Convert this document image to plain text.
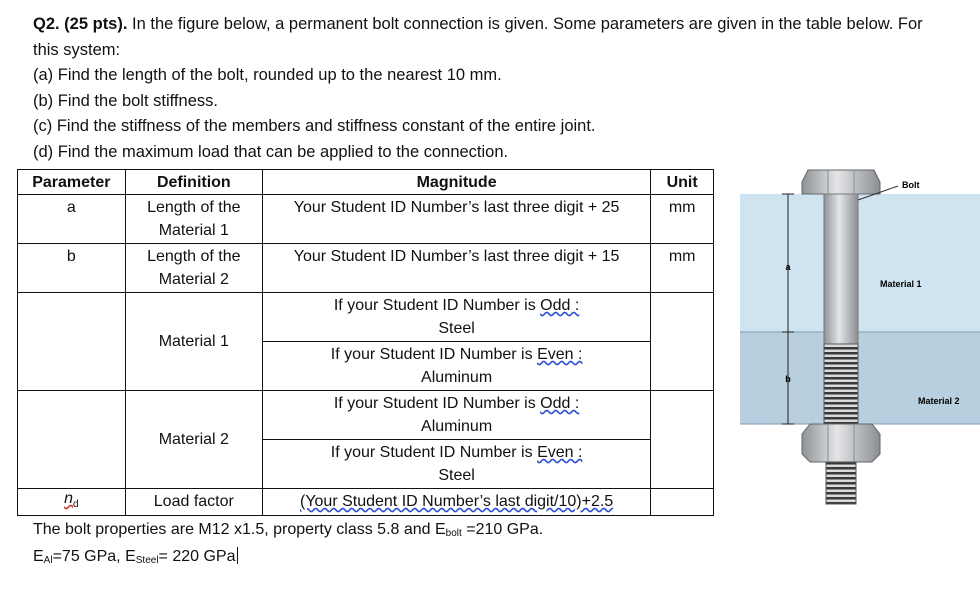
Q2. (25 pts). In the figure below, a permanent bolt connection is given. Some parameters are given in the table below. For this system:

(a) Find the length of the bolt, rounded up to the nearest 10 mm.

(b) Find the bolt stiffness.

(c) Find the stiffness of the members and stiffness constant of the entire joint.

(d) Find the maximum load that can be applied to the connection.

Parameter	Definition	Magnitude	Unit
a	Length of the Material 1	Your Student ID Number’s last three digit + 25	mm
b	Length of the Material 2	Your Student ID Number’s last three digit + 15	mm
	Material 1	If your Student ID Number is Odd :
Steel	
		If your Student ID Number is Even :
Aluminum	
	Material 2	If your Student ID Number is Odd :
Aluminum	
		If your Student ID Number is Even :
Steel	
$n_d$	Load factor	(Your Student ID Number’s last digit/10)+2.5	

The bolt properties are M12 x1.5, property class 5.8 and Ebolt =210 GPa.

EAl=75 GPa, ESteel= 220 GPa

a
b
Bolt
Material 1
Material 2
